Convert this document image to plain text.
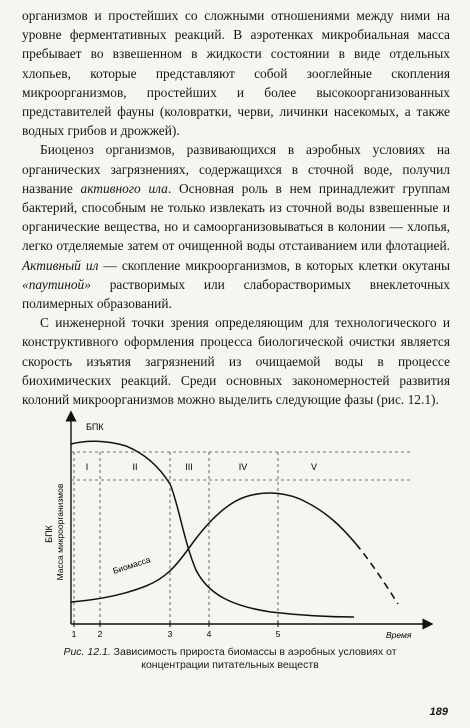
организмов и простейших со сложными отношениями между ними на уровне ферментативных реакций. В аэротенках микробиальная масса пребывает во взвешенном в жидкости состоянии в виде отдельных хлопьев, которые представляют собой зооглейные скопления микроорганизмов, простейших и более высокоорганизованных представителей фауны (коловратки, черви, личинки насекомых, а также водных грибов и дрожжей).

Биоценоз организмов, развивающихся в аэробных условиях на органических загрязнениях, содержащихся в сточной воде, получил название активного ила. Основная роль в нем принадлежит группам бактерий, способным не только извлекать из сточной воды взвешенные и органические вещества, но и самоорганизовываться в колонии — хлопья, легко отделяемые затем от очищенной воды отстаиванием или флотацией. Активный ил — скопление микроорганизмов, в которых клетки окутаны «паутиной» растворимых или слаборастворимых внеклеточных полимерных образований.

С инженерной точки зрения определяющим для технологического и конструктивного оформления процесса биологической очистки является скорость изъятия загрязнений из очищаемой воды в процессе биохимических реакций. Среди основных закономерностей развития колоний микроорганизмов можно выделить следующие фазы (рис. 12.1).

I	II	III	IV	V
БПК
Биомасса
БПК Масса микроорганизмов
1	2	3	4	5	Время
Рис. 12.1. Зависимость прироста биомассы в аэробных условиях от концентрации питательных веществ
189
